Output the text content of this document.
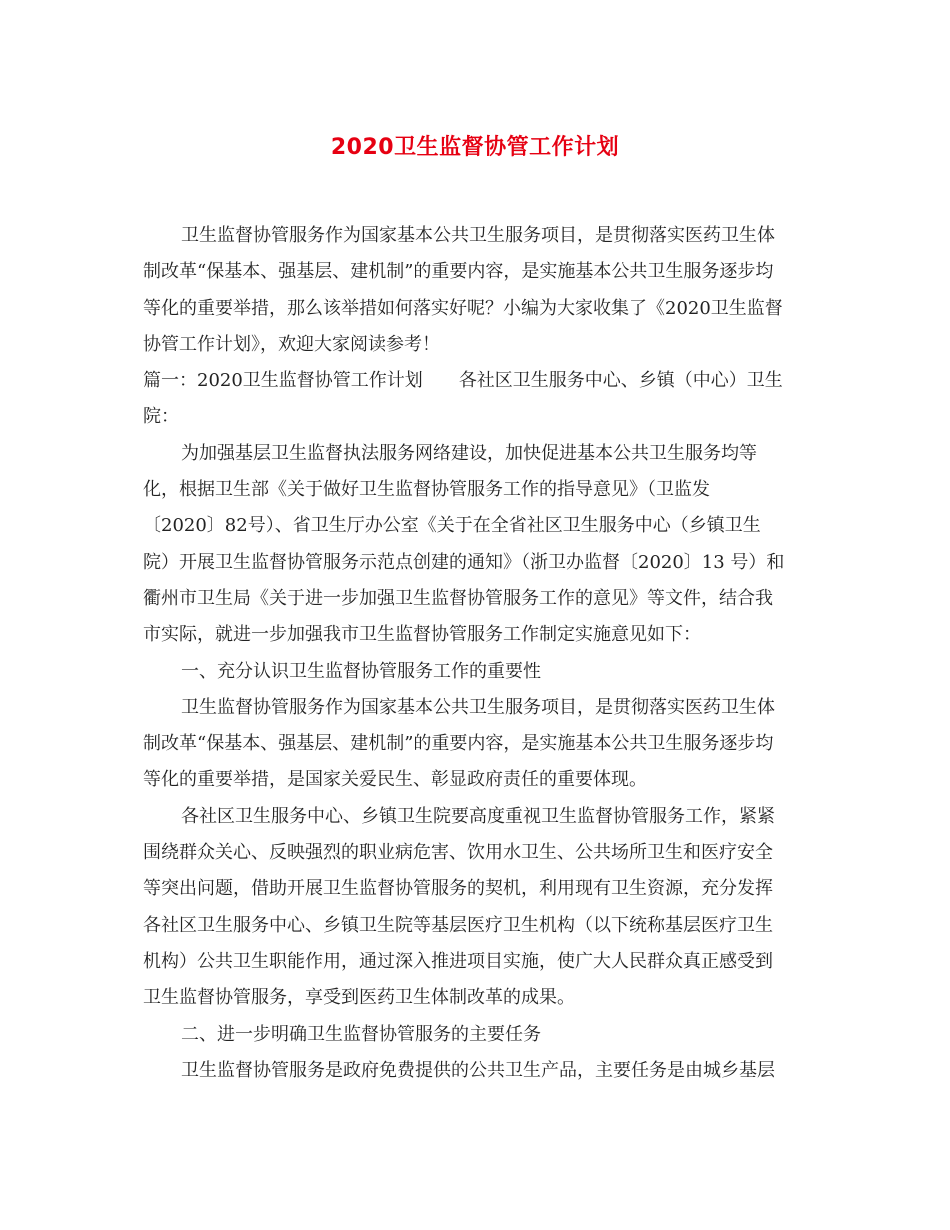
2020卫生监督协管工作计划
卫生监督协管服务作为国家基本公共卫生服务项目，是贯彻落实医药卫生体
制改革“保基本、强基层、建机制”的重要内容，是实施基本公共卫生服务逐步均
等化的重要举措，那么该举措如何落实好呢？小编为大家收集了《2020卫生监督
协管工作计划》，欢迎大家阅读参考！
篇一：2020卫生监督协管工作计划 各社区卫生服务中心、乡镇（中心）卫生
院：
为加强基层卫生监督执法服务网络建设，加快促进基本公共卫生服务均等
化，根据卫生部《关于做好卫生监督协管服务工作的指导意见》（卫监发
〔2020〕82号）、省卫生厅办公室《关于在全省社区卫生服务中心（乡镇卫生
院）开展卫生监督协管服务示范点创建的通知》（浙卫办监督〔2020〕13 号）和
衢州市卫生局《关于进一步加强卫生监督协管服务工作的意见》等文件，结合我
市实际，就进一步加强我市卫生监督协管服务工作制定实施意见如下：
一、充分认识卫生监督协管服务工作的重要性
卫生监督协管服务作为国家基本公共卫生服务项目，是贯彻落实医药卫生体
制改革“保基本、强基层、建机制”的重要内容，是实施基本公共卫生服务逐步均
等化的重要举措，是国家关爱民生、彰显政府责任的重要体现。
各社区卫生服务中心、乡镇卫生院要高度重视卫生监督协管服务工作，紧紧
围绕群众关心、反映强烈的职业病危害、饮用水卫生、公共场所卫生和医疗安全
等突出问题，借助开展卫生监督协管服务的契机，利用现有卫生资源，充分发挥
各社区卫生服务中心、乡镇卫生院等基层医疗卫生机构（以下统称基层医疗卫生
机构）公共卫生职能作用，通过深入推进项目实施，使广大人民群众真正感受到
卫生监督协管服务，享受到医药卫生体制改革的成果。
二、进一步明确卫生监督协管服务的主要任务
卫生监督协管服务是政府免费提供的公共卫生产品，主要任务是由城乡基层
